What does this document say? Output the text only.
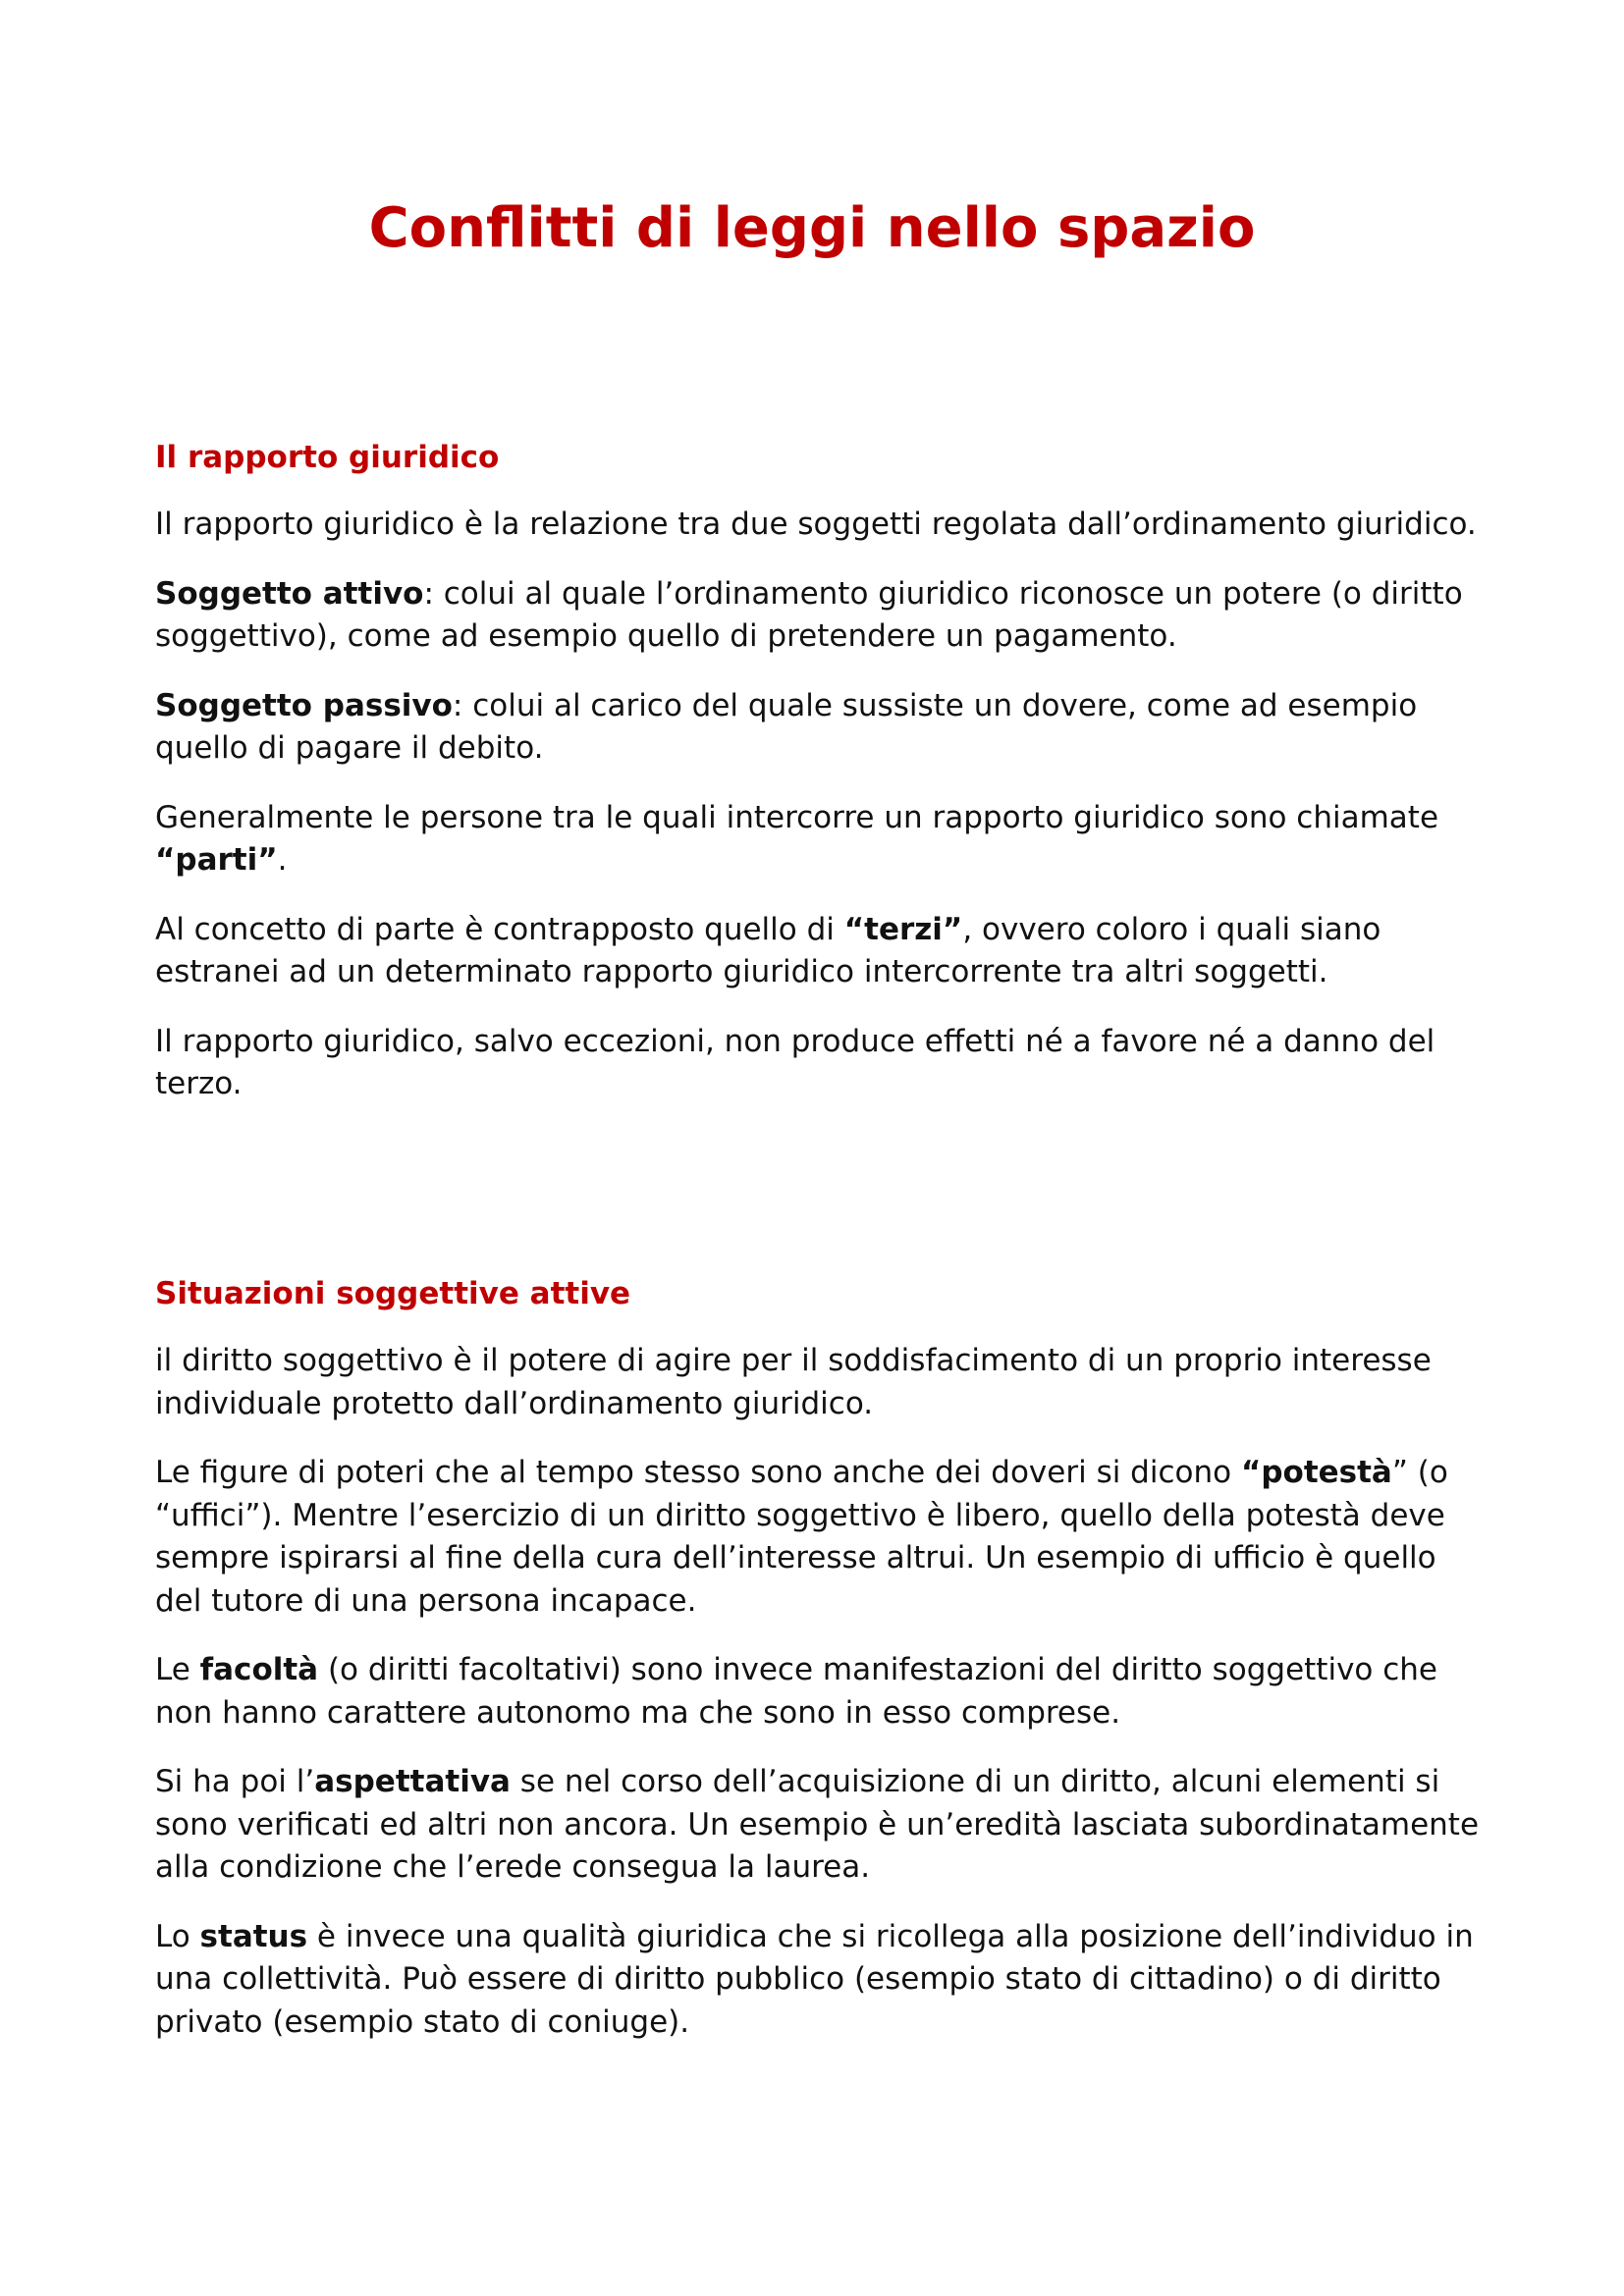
Conflitti di leggi nello spazio
Il rapporto giuridico

Il rapporto giuridico è la relazione tra due soggetti regolata dall’ordinamento giuridico.

Soggetto attivo: colui al quale l’ordinamento giuridico riconosce un potere (o diritto soggettivo), come ad esempio quello di pretendere un pagamento.

Soggetto passivo: colui al carico del quale sussiste un dovere, come ad esempio quello di pagare il debito.

Generalmente le persone tra le quali intercorre un rapporto giuridico sono chiamate “parti”.

Al concetto di parte è contrapposto quello di “terzi”, ovvero coloro i quali siano estranei ad un determinato rapporto giuridico intercorrente tra altri soggetti.

Il rapporto giuridico, salvo eccezioni, non produce effetti né a favore né a danno del terzo.

Situazioni soggettive attive

il diritto soggettivo è il potere di agire per il soddisfacimento di un proprio interesse individuale protetto dall’ordinamento giuridico.

Le figure di poteri che al tempo stesso sono anche dei doveri si dicono “potestà” (o “uffici”). Mentre l’esercizio di un diritto soggettivo è libero, quello della potestà deve sempre ispirarsi al fine della cura dell’interesse altrui. Un esempio di ufficio è quello del tutore di una persona incapace.

Le facoltà (o diritti facoltativi) sono invece manifestazioni del diritto soggettivo che non hanno carattere autonomo ma che sono in esso comprese.

Si ha poi l’aspettativa se nel corso dell’acquisizione di un diritto, alcuni elementi si sono verificati ed altri non ancora. Un esempio è un’eredità lasciata subordinatamente alla condizione che l’erede consegua la laurea.

Lo status è invece una qualità giuridica che si ricollega alla posizione dell’individuo in una collettività. Può essere di diritto pubblico (esempio stato di cittadino) o di diritto privato (esempio stato di coniuge).
